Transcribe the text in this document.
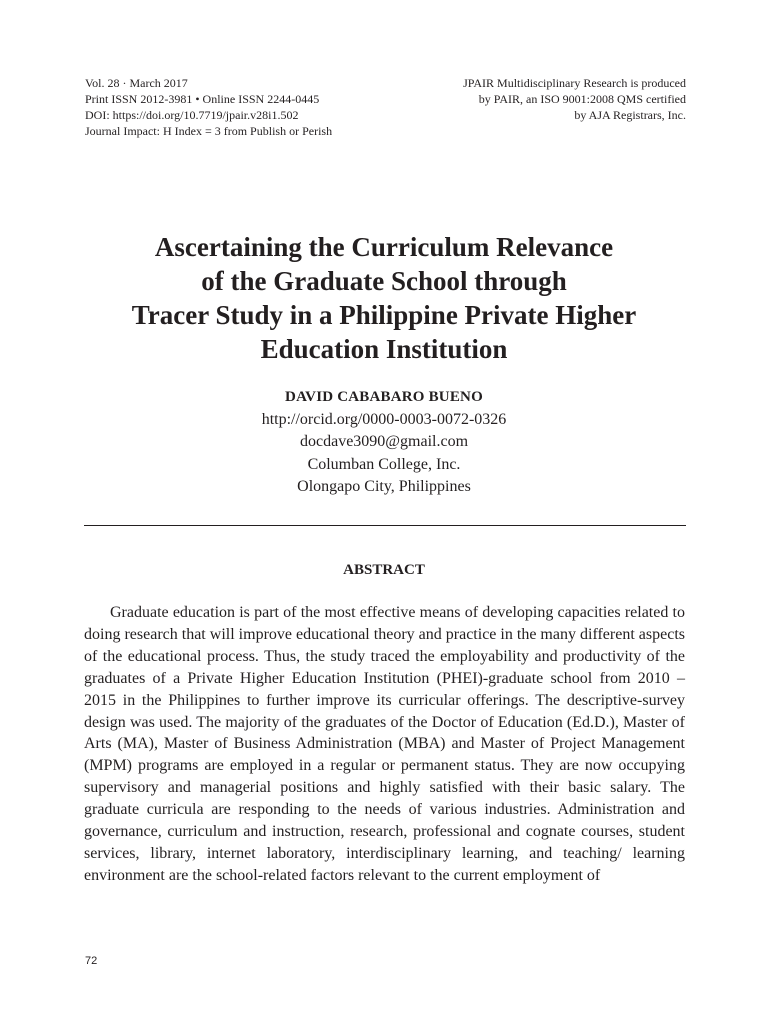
Vol. 28 · March 2017
Print ISSN 2012-3981 • Online ISSN 2244-0445
DOI: https://doi.org/10.7719/jpair.v28i1.502
Journal Impact: H Index = 3 from Publish or Perish
JPAIR Multidisciplinary Research is produced
by PAIR, an ISO 9001:2008 QMS certified
by AJA Registrars, Inc.
Ascertaining the Curriculum Relevance
of the Graduate School through
Tracer Study in a Philippine Private Higher
Education Institution
DAVID CABABARO BUENO
http://orcid.org/0000-0003-0072-0326
docdave3090@gmail.com
Columban College, Inc.
Olongapo City, Philippines
ABSTRACT

Graduate education is part of the most effective means of developing capacities related to doing research that will improve educational theory and practice in the many different aspects of the educational process. Thus, the study traced the employability and productivity of the graduates of a Private Higher Education Institution (PHEI)-graduate school from 2010 – 2015 in the Philippines to further improve its curricular offerings. The descriptive-survey design was used. The majority of the graduates of the Doctor of Education (Ed.D.), Master of Arts (MA), Master of Business Administration (MBA) and Master of Project Management (MPM) programs are employed in a regular or permanent status. They are now occupying supervisory and managerial positions and highly satisfied with their basic salary. The graduate curricula are responding to the needs of various industries. Administration and governance, curriculum and instruction, research, professional and cognate courses, student services, library, internet laboratory, interdisciplinary learning, and teaching/ learning environment are the school-related factors relevant to the current employment of

72
